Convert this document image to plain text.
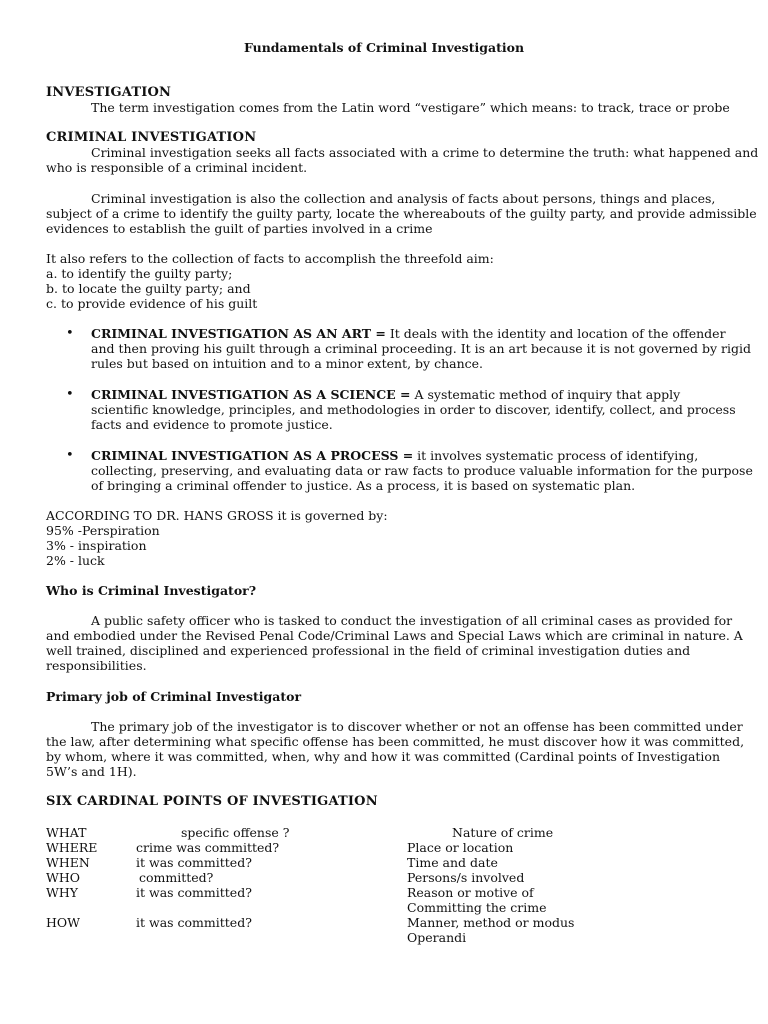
Fundamentals of Criminal Investigation
INVESTIGATION
The term investigation comes from the Latin word “vestigare” which means: to track, trace or probe
CRIMINAL INVESTIGATION
Criminal investigation seeks all facts associated with a crime to determine the truth: what happened and
who is responsible of a criminal incident.
Criminal investigation is also the collection and analysis of facts about persons, things and places,
subject of a crime to identify the guilty party, locate the whereabouts of the guilty party, and provide admissible
evidences to establish the guilt of parties involved in a crime
It also refers to the collection of facts to accomplish the threefold aim:
a. to identify the guilty party;
b. to locate the guilty party; and
c. to provide evidence of his guilt
• CRIMINAL INVESTIGATION AS AN ART = It deals with the identity and location of the offender
and then proving his guilt through a criminal proceeding. It is an art because it is not governed by rigid
rules but based on intuition and to a minor extent, by chance.
• CRIMINAL INVESTIGATION AS A SCIENCE = A systematic method of inquiry that apply
scientific knowledge, principles, and methodologies in order to discover, identify, collect, and process
facts and evidence to promote justice.
• CRIMINAL INVESTIGATION AS A PROCESS = it involves systematic process of identifying,
collecting, preserving, and evaluating data or raw facts to produce valuable information for the purpose
of bringing a criminal offender to justice. As a process, it is based on systematic plan.
ACCORDING TO DR. HANS GROSS it is governed by:
95% -Perspiration
3% - inspiration
2% - luck
Who is Criminal Investigator?
A public safety officer who is tasked to conduct the investigation of all criminal cases as provided for
and embodied under the Revised Penal Code/Criminal Laws and Special Laws which are criminal in nature. A
well trained, disciplined and experienced professional in the field of criminal investigation duties and
responsibilities.
Primary job of Criminal Investigator
The primary job of the investigator is to discover whether or not an offense has been committed under
the law, after determining what specific offense has been committed, he must discover how it was committed,
by whom, where it was committed, when, why and how it was committed (Cardinal points of Investigation
5W’s and 1H).
SIX CARDINAL POINTS OF INVESTIGATION
WHAT	specific offense ?	Nature of crime
WHERE	crime was committed?	Place or location
WHEN	it was committed?	Time and date
WHO	committed?	Persons/s involved
WHY	it was committed?	Reason or motive of
Committing the crime
HOW	it was committed?	Manner, method or modus
Operandi
